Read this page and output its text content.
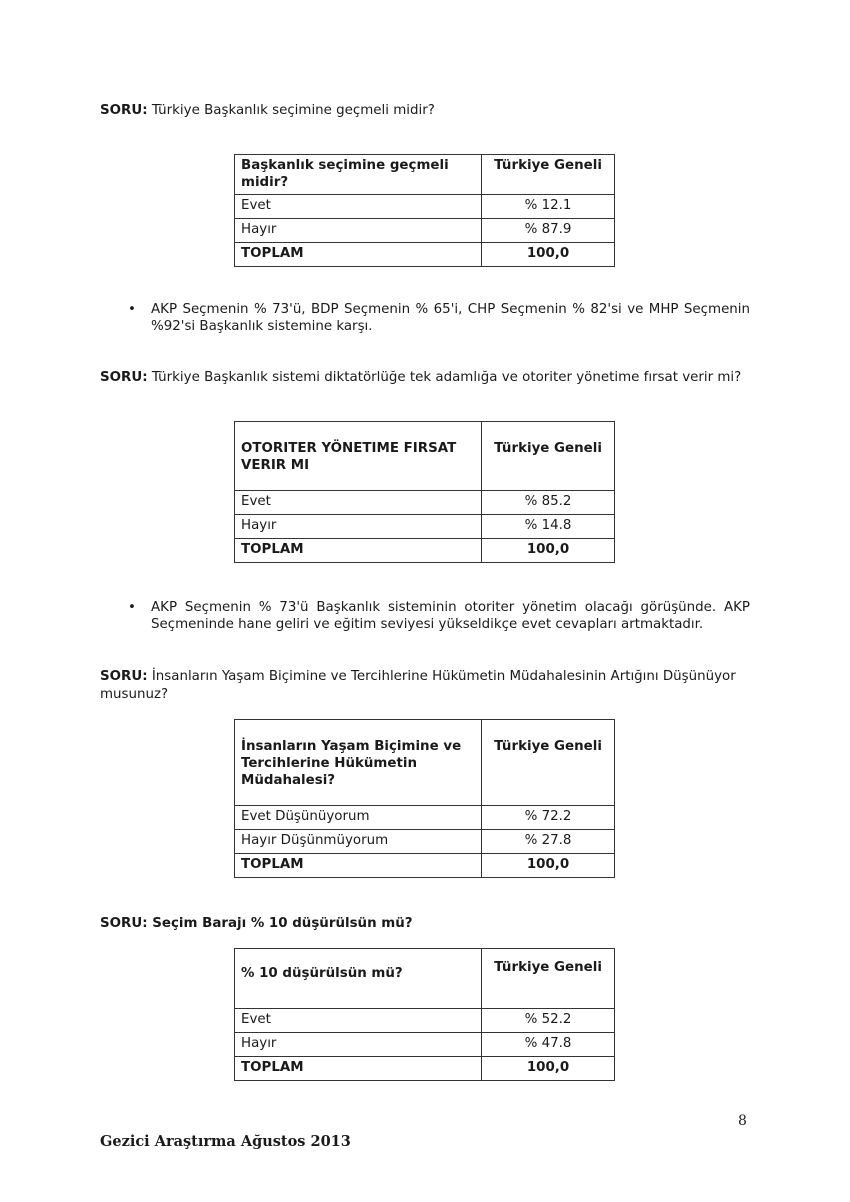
SORU: Türkiye Başkanlık seçimine geçmeli midir?
Başkanlık seçimine geçmeli midir?	Türkiye Geneli
Evet	% 12.1
Hayır	% 87.9
TOPLAM	100,0
• AKP Seçmenin % 73'ü, BDP Seçmenin % 65'i, CHP Seçmenin % 82'si ve MHP Seçmenin %92'si Başkanlık sistemine karşı.
SORU: Türkiye Başkanlık sistemi diktatörlüğe tek adamlığa ve otoriter yönetime fırsat verir mi?
OTORITER YÖNETIME FIRSAT VERIR MI	Türkiye Geneli
Evet	% 85.2
Hayır	% 14.8
TOPLAM	100,0
• AKP Seçmenin % 73'ü Başkanlık sisteminin otoriter yönetim olacağı görüşünde. AKP Seçmeninde hane geliri ve eğitim seviyesi yükseldikçe evet cevapları artmaktadır.
SORU: İnsanların Yaşam Biçimine ve Tercihlerine Hükümetin Müdahalesinin Artığını Düşünüyor musunuz?
İnsanların Yaşam Biçimine ve Tercihlerine Hükümetin Müdahalesi?	Türkiye Geneli
Evet Düşünüyorum	% 72.2
Hayır Düşünmüyorum	% 27.8
TOPLAM	100,0
SORU: Seçim Barajı % 10 düşürülsün mü?
% 10 düşürülsün mü?	Türkiye Geneli
Evet	% 52.2
Hayır	% 47.8
TOPLAM	100,0
8
Gezici Araştırma Ağustos 2013
